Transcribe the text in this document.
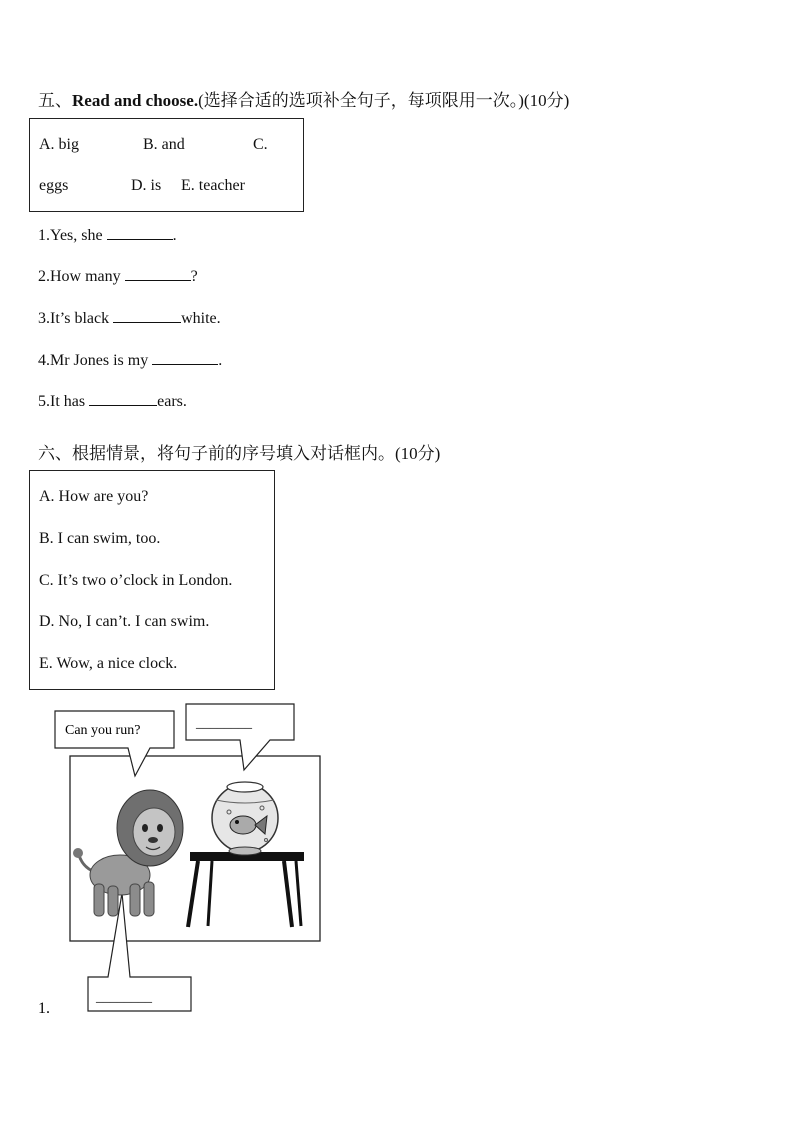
五、Read and choose.(选择合适的选项补全句子，每项限用一次。)(10分)
A. big	B. and	C.
eggs	D. is E. teacher
1.Yes, she	.
2.How many	?
3.It’s black	white.
4.Mr Jones is my	.
5.It has	ears.
六、根据情景，将句子前的序号填入对话框内。(10分)
A. How are you?
B. I can swim, too.
C. It’s two o’clock in London.
D. No, I can’t. I can swim.
E. Wow, a nice clock.
Can you run?	________
________
1.
